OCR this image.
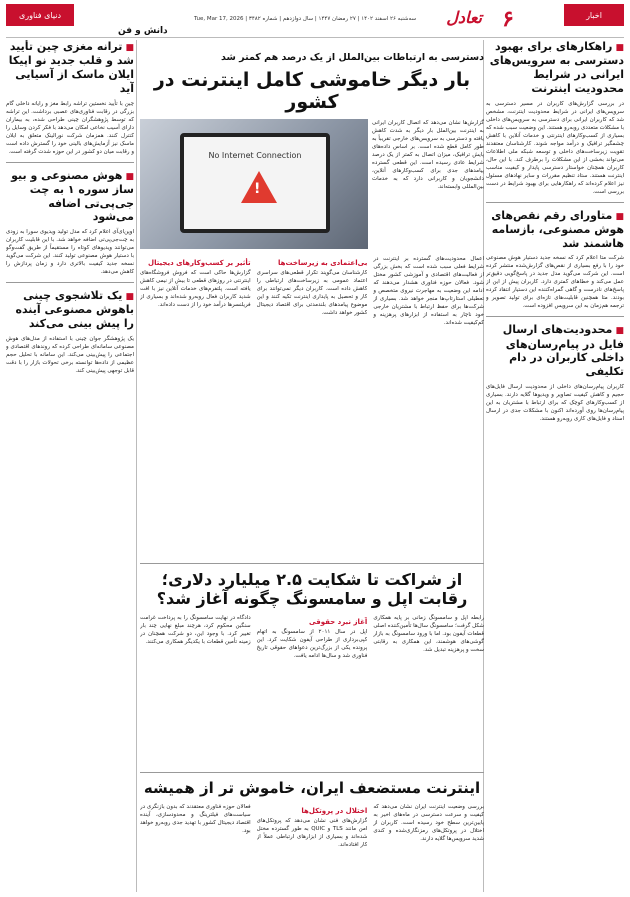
اخبار
۶
تعادل
سه‌شنبه ۲۶ اسفند ۱۴۰۲ | ۲۷ رمضان ۱۴۴۷ | سال دوازدهم | شماره ۳۴۸۲ | Tue, Mar 17, 2026
دانش و فن
دنیای فناوری
■ راهکارهای برای بهبود دسترسی به سرویس‌های ایرانی در شرایط محدودیت اینترنت

در بررسی گزارش‌های کاربران در مسیر دسترسی به سرویس‌های ایرانی در شرایط محدودیت اینترنت، مشخص شد که کاربران ایرانی برای دسترسی به سرویس‌های داخلی با مشکلات متعددی روبه‌رو هستند. این وضعیت سبب شده که بسیاری از کسب‌وکارهای اینترنتی و خدمات آنلاین با کاهش چشمگیر ترافیک و درآمد مواجه شوند. کارشناسان معتقدند تقویت زیرساخت‌های داخلی و توسعه شبکه ملی اطلاعات می‌تواند بخشی از این مشکلات را برطرف کند. با این حال، کاربران همچنان خواستار دسترسی پایدار و کیفیت مناسب اینترنت هستند. ستاد تنظیم مقررات و سایر نهادهای مسئول نیز اعلام کرده‌اند که راهکارهایی برای بهبود شرایط در دست بررسی است.

■ متاورای رقم نقص‌های هوش مصنوعی، بازسامه هاشمند شد

شرکت متا اعلام کرد که نسخه جدید دستیار هوش مصنوعی خود را با رفع بسیاری از نقص‌های گزارش‌شده منتشر کرده است. این شرکت می‌گوید مدل جدید در پاسخ‌گویی دقیق‌تر عمل می‌کند و خطاهای کمتری دارد. کاربران پیش از این از پاسخ‌های نادرست و گاهی گمراه‌کننده این دستیار انتقاد کرده بودند. متا همچنین قابلیت‌های تازه‌ای برای تولید تصویر و ترجمه هم‌زمان به این سرویس افزوده است.

■ محدودیت‌های ارسال فایل در پیام‌رسان‌های داخلی کاربران در دام تکلیفی

کاربران پیام‌رسان‌های داخلی از محدودیت ارسال فایل‌های حجیم و کاهش کیفیت تصاویر و ویدیوها گلایه دارند. بسیاری از کسب‌وکارهای کوچک که برای ارتباط با مشتریان به این پیام‌رسان‌ها روی آورده‌اند اکنون با مشکلات جدی در ارسال اسناد و فایل‌های کاری روبه‌رو هستند.

■ ترانه مغزی چین تأیید شد و قلب جدید نو اپیکا ایلان ماسک از آسیایی آید

چین با تأیید نخستین تراشه رابط مغز و رایانه داخلی گام بزرگی در رقابت فناوری‌های عصبی برداشت. این تراشه که توسط پژوهشگران چینی طراحی شده، به بیماران دارای آسیب نخاعی امکان می‌دهد با فکر کردن وسایل را کنترل کنند. همزمان شرکت نورالینک متعلق به ایلان ماسک نیز آزمایش‌های بالینی خود را گسترش داده است و رقابت میان دو کشور در این حوزه شدت گرفته است.

■ هوش مصنوعی و بیو ساز سوره ۱ به چت جی‌پی‌تی اضافه می‌شود

اوپن‌ای‌آی اعلام کرد که مدل تولید ویدیوی سورا به زودی به چت‌جی‌پی‌تی اضافه خواهد شد. با این قابلیت کاربران می‌توانند ویدیوهای کوتاه را مستقیماً از طریق گفت‌وگو با دستیار هوش مصنوعی تولید کنند. این شرکت می‌گوید نسخه جدید کیفیت بالاتری دارد و زمان پردازش را کاهش می‌دهد.

■ یک تلاشجوی چینی باهوش مصنوعی آینده را پیش بینی می‌کند

یک پژوهشگر جوان چینی با استفاده از مدل‌های هوش مصنوعی سامانه‌ای طراحی کرده که روندهای اقتصادی و اجتماعی را پیش‌بینی می‌کند. این سامانه با تحلیل حجم عظیمی از داده‌ها توانسته برخی تحولات بازار را با دقت قابل توجهی پیش‌بینی کند.

دسترسی به ارتباطات بین‌الملل از یک درصد هم کمتر شد
بار دیگر خاموشی کامل اینترنت در کشور

گزارش‌ها نشان می‌دهد که اتصال کاربران ایرانی به اینترنت بین‌الملل بار دیگر به شدت کاهش یافته و دسترسی به سرویس‌های خارجی تقریباً به طور کامل قطع شده است. بر اساس داده‌های پایش ترافیک، میزان اتصال به کمتر از یک درصد شرایط عادی رسیده است. این قطعی گسترده پیامدهای جدی برای کسب‌وکارهای آنلاین، دانشجویان و کاربرانی دارد که به خدمات بین‌المللی وابسته‌اند.

No Internet Connection
!

اعمال محدودیت‌های گسترده بر اینترنت در شرایط فعلی سبب شده است که بخش بزرگی از فعالیت‌های اقتصادی و آموزشی کشور مختل شود. فعالان حوزه فناوری هشدار می‌دهند که ادامه این وضعیت به مهاجرت نیروی متخصص و تعطیلی استارتاپ‌ها منجر خواهد شد. بسیاری از شرکت‌ها برای حفظ ارتباط با مشتریان خارجی خود ناچار به استفاده از ابزارهای پرهزینه و کم‌کیفیت شده‌اند.

بی‌اعتمادی به زیرساخت‌ها

کارشناسان می‌گویند تکرار قطعی‌های سراسری اعتماد عمومی به زیرساخت‌های ارتباطی را کاهش داده است. کاربران دیگر نمی‌توانند برای کار و تحصیل به پایداری اینترنت تکیه کنند و این موضوع پیامدهای بلندمدتی برای اقتصاد دیجیتال کشور خواهد داشت.

تأثیر بر کسب‌وکارهای دیجیتال

گزارش‌ها حاکی است که فروش فروشگاه‌های اینترنتی در روزهای قطعی تا بیش از نیمی کاهش یافته است. پلتفرم‌های خدمات آنلاین نیز با افت شدید کاربران فعال روبه‌رو شده‌اند و بسیاری از فریلنسرها درآمد خود را از دست داده‌اند.

از شراکت تا شکایت ۲.۵ میلیارد دلاری؛ رقابت اپل و سامسونگ چگونه آغاز شد؟

رابطه اپل و سامسونگ زمانی بر پایه همکاری شکل گرفت؛ سامسونگ سال‌ها تأمین‌کننده اصلی قطعات آیفون بود. اما با ورود سامسونگ به بازار گوشی‌های هوشمند، این همکاری به رقابتی سخت و پرهزینه تبدیل شد.

آغاز نبرد حقوقی

اپل در سال ۲۰۱۱ از سامسونگ به اتهام کپی‌برداری از طراحی آیفون شکایت کرد. این پرونده یکی از بزرگ‌ترین دعواهای حقوقی تاریخ فناوری شد و سال‌ها ادامه یافت.

دادگاه در نهایت سامسونگ را به پرداخت غرامت سنگین محکوم کرد، هرچند مبلغ نهایی چند بار تغییر کرد. با وجود این، دو شرکت همچنان در زمینه تأمین قطعات با یکدیگر همکاری می‌کنند.

اینترنت مستضعف ایران، خاموش تر از همیشه

بررسی وضعیت اینترنت ایران نشان می‌دهد که کیفیت و سرعت دسترسی در ماه‌های اخیر به پایین‌ترین سطح خود رسیده است. کاربران از اختلال در پروتکل‌های رمزنگاری‌شده و کندی شدید سرویس‌ها گلایه دارند.

اختلال در پروتکل‌ها

گزارش‌های فنی نشان می‌دهد که پروتکل‌های امن مانند TLS و QUIC به طور گسترده مختل شده‌اند و بسیاری از ابزارهای ارتباطی عملاً از کار افتاده‌اند.

فعالان حوزه فناوری معتقدند که بدون بازنگری در سیاست‌های فیلترینگ و محدودسازی، آینده اقتصاد دیجیتال کشور با تهدید جدی روبه‌رو خواهد بود.
